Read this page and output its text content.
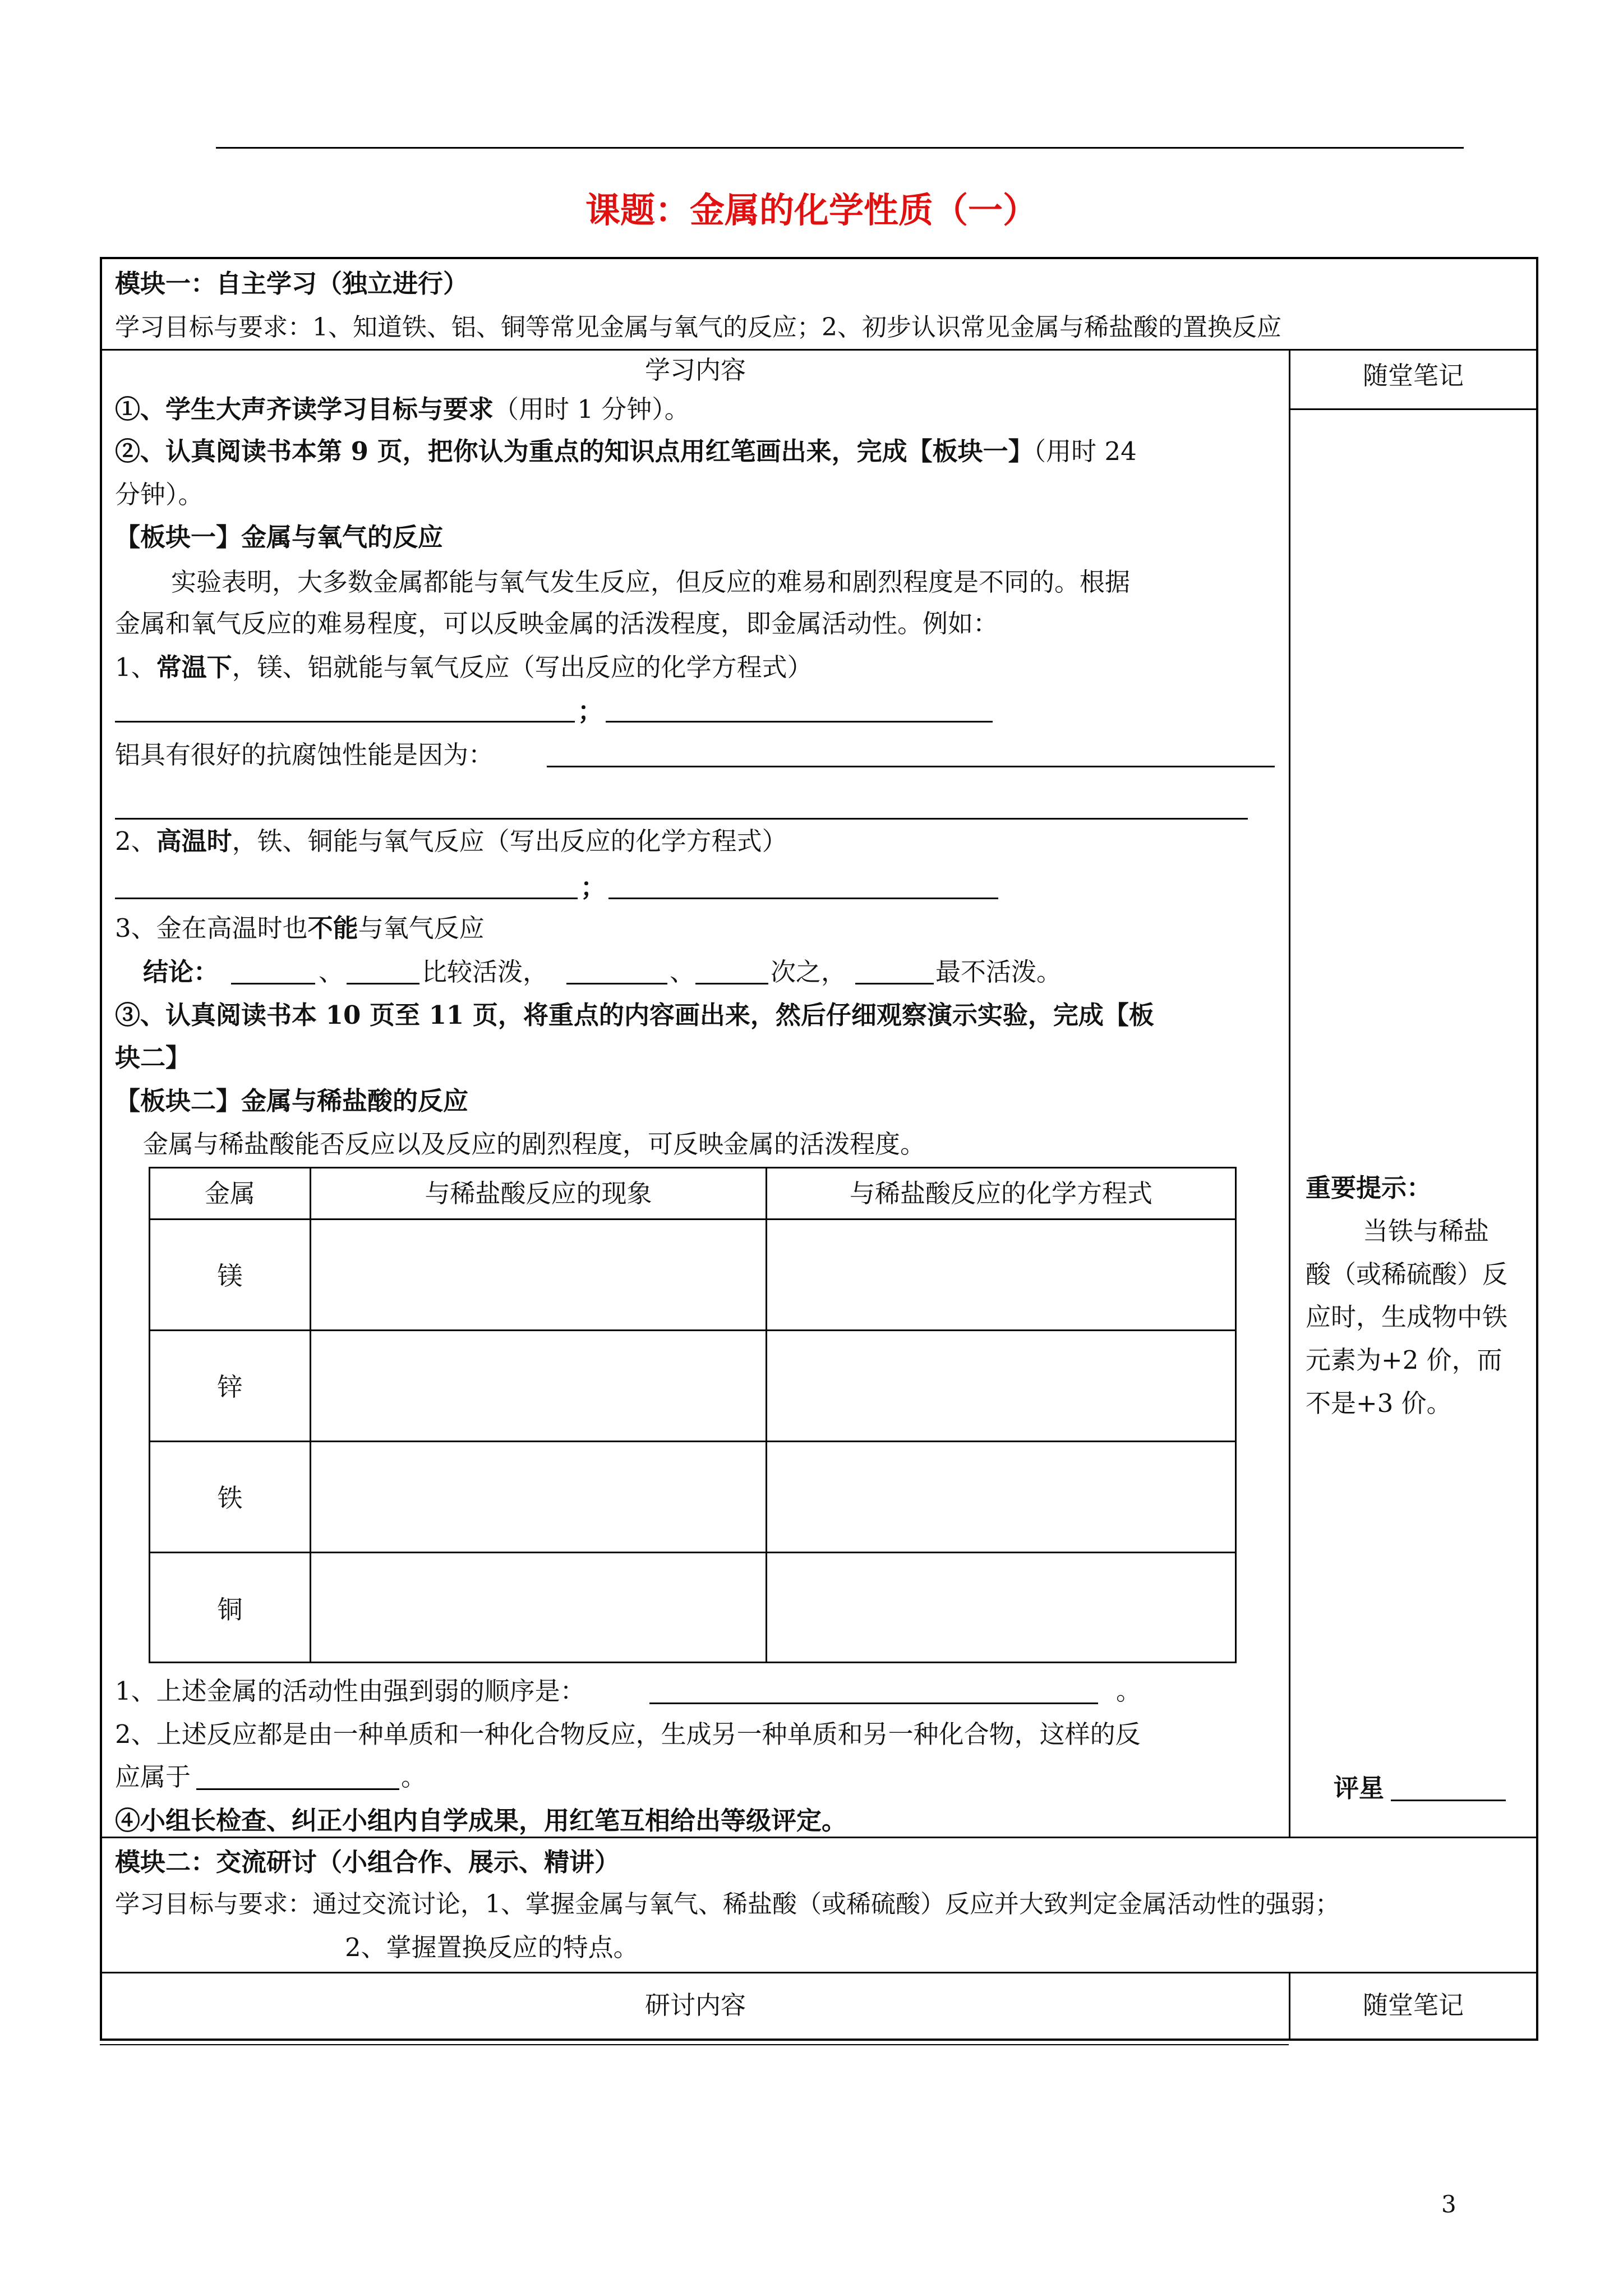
课题：金属的化学性质（一）
模块一：自主学习（独立进行）
学习目标与要求：1、知道铁、铝、铜等常见金属与氧气的反应；2、初步认识常见金属与稀盐酸的置换反应
学习内容	随堂笔记
①、学生大声齐读学习目标与要求（用时 1 分钟）。
②、认真阅读书本第 9 页，把你认为重点的知识点用红笔画出来，完成【板块一】（用时 24
分钟）。
【板块一】金属与氧气的反应
实验表明，大多数金属都能与氧气发生反应，但反应的难易和剧烈程度是不同的。根据
金属和氧气反应的难易程度，可以反映金属的活泼程度，即金属活动性。例如：
1、常温下，镁、铝就能与氧气反应（写出反应的化学方程式）
；
铝具有很好的抗腐蚀性能是因为：
2、高温时，铁、铜能与氧气反应（写出反应的化学方程式）
；
3、金在高温时也不能与氧气反应
结论：	、	比较活泼，	、	次之，	最不活泼。
③、认真阅读书本 10 页至 11 页，将重点的内容画出来，然后仔细观察演示实验，完成【板
块二】
【板块二】金属与稀盐酸的反应
金属与稀盐酸能否反应以及反应的剧烈程度，可反映金属的活泼程度。
金属	与稀盐酸反应的现象	与稀盐酸反应的化学方程式
镁
锌
铁
铜
1、上述金属的活动性由强到弱的顺序是：	。
2、上述反应都是由一种单质和一种化合物反应，生成另一种单质和另一种化合物，这样的反
应属于	。
④小组长检查、纠正小组内自学成果，用红笔互相给出等级评定。
重要提示：
当铁与稀盐
酸（或稀硫酸）反
应时，生成物中铁
元素为+2 价，而
不是+3 价。
评星
模块二：交流研讨（小组合作、展示、精讲）
学习目标与要求：通过交流讨论，1、掌握金属与氧气、稀盐酸（或稀硫酸）反应并大致判定金属活动性的强弱；
2、掌握置换反应的特点。
研讨内容	随堂笔记
3
